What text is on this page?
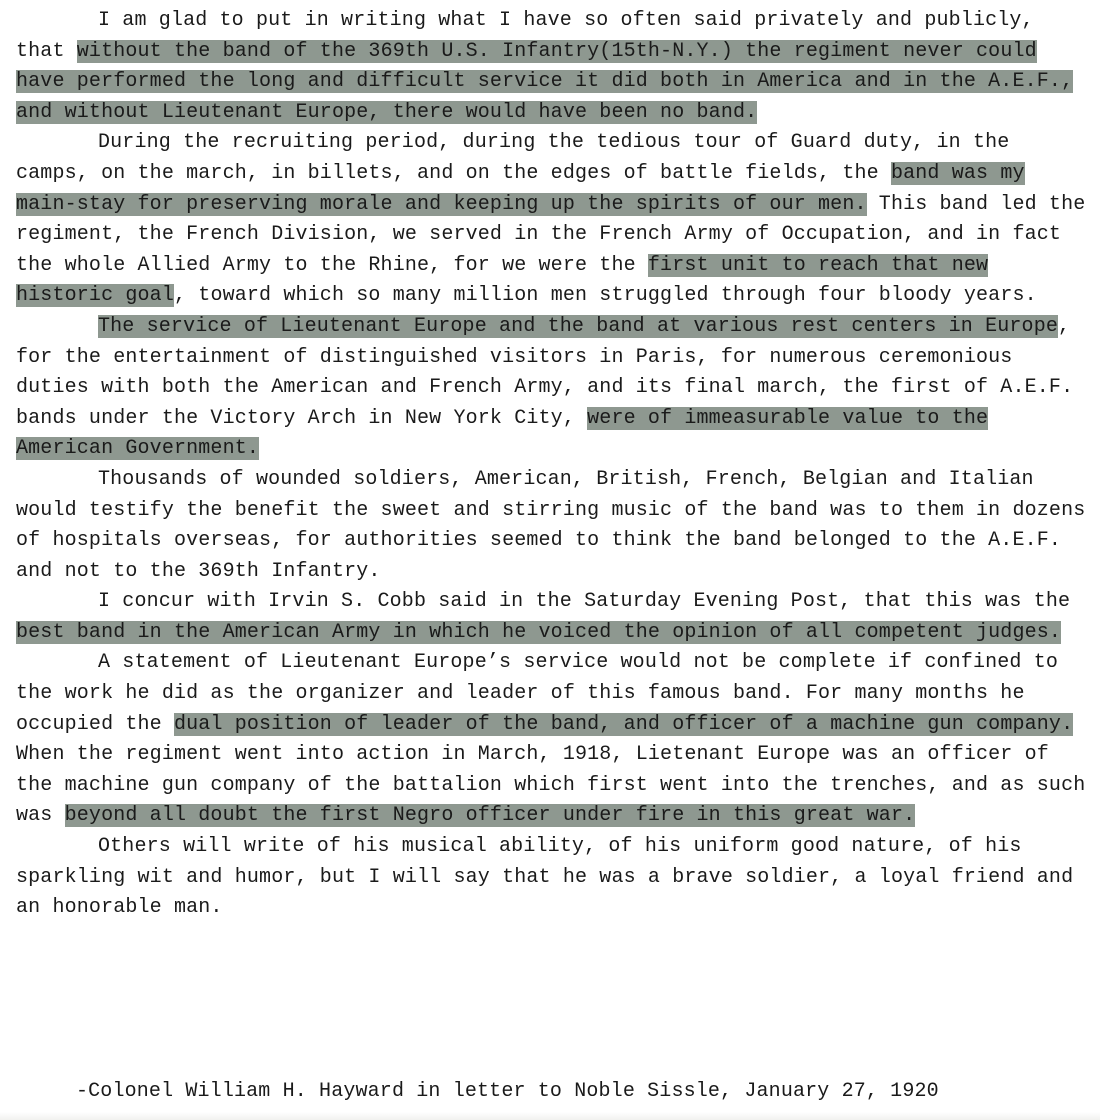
I am glad to put in writing what I have so often said privately and publicly, that without the band of the 369th U.S. Infantry(15th-N.Y.) the regiment never could have performed the long and difficult service it did both in America and in the A.E.F., and without Lieutenant Europe, there would have been no band.

During the recruiting period, during the tedious tour of Guard duty, in the camps, on the march, in billets, and on the edges of battle fields, the band was my main-stay for preserving morale and keeping up the spirits of our men. This band led the regiment, the French Division, we served in the French Army of Occupation, and in fact the whole Allied Army to the Rhine, for we were the first unit to reach that new historic goal, toward which so many million men struggled through four bloody years.

The service of Lieutenant Europe and the band at various rest centers in Europe, for the entertainment of distinguished visitors in Paris, for numerous ceremonious duties with both the American and French Army, and its final march, the first of A.E.F. bands under the Victory Arch in New York City, were of immeasurable value to the American Government.

Thousands of wounded soldiers, American, British, French, Belgian and Italian would testify the benefit the sweet and stirring music of the band was to them in dozens of hospitals overseas, for authorities seemed to think the band belonged to the A.E.F. and not to the 369th Infantry.

I concur with Irvin S. Cobb said in the Saturday Evening Post, that this was the best band in the American Army in which he voiced the opinion of all competent judges.

A statement of Lieutenant Europe’s service would not be complete if confined to the work he did as the organizer and leader of this famous band. For many months he occupied the dual position of leader of the band, and officer of a machine gun company. When the regiment went into action in March, 1918, Lietenant Europe was an officer of the machine gun company of the battalion which first went into the trenches, and as such was beyond all doubt the first Negro officer under fire in this great war.

Others will write of his musical ability, of his uniform good nature, of his sparkling wit and humor, but I will say that he was a brave soldier, a loyal friend and an honorable man.

-Colonel William H. Hayward in letter to Noble Sissle, January 27, 1920
